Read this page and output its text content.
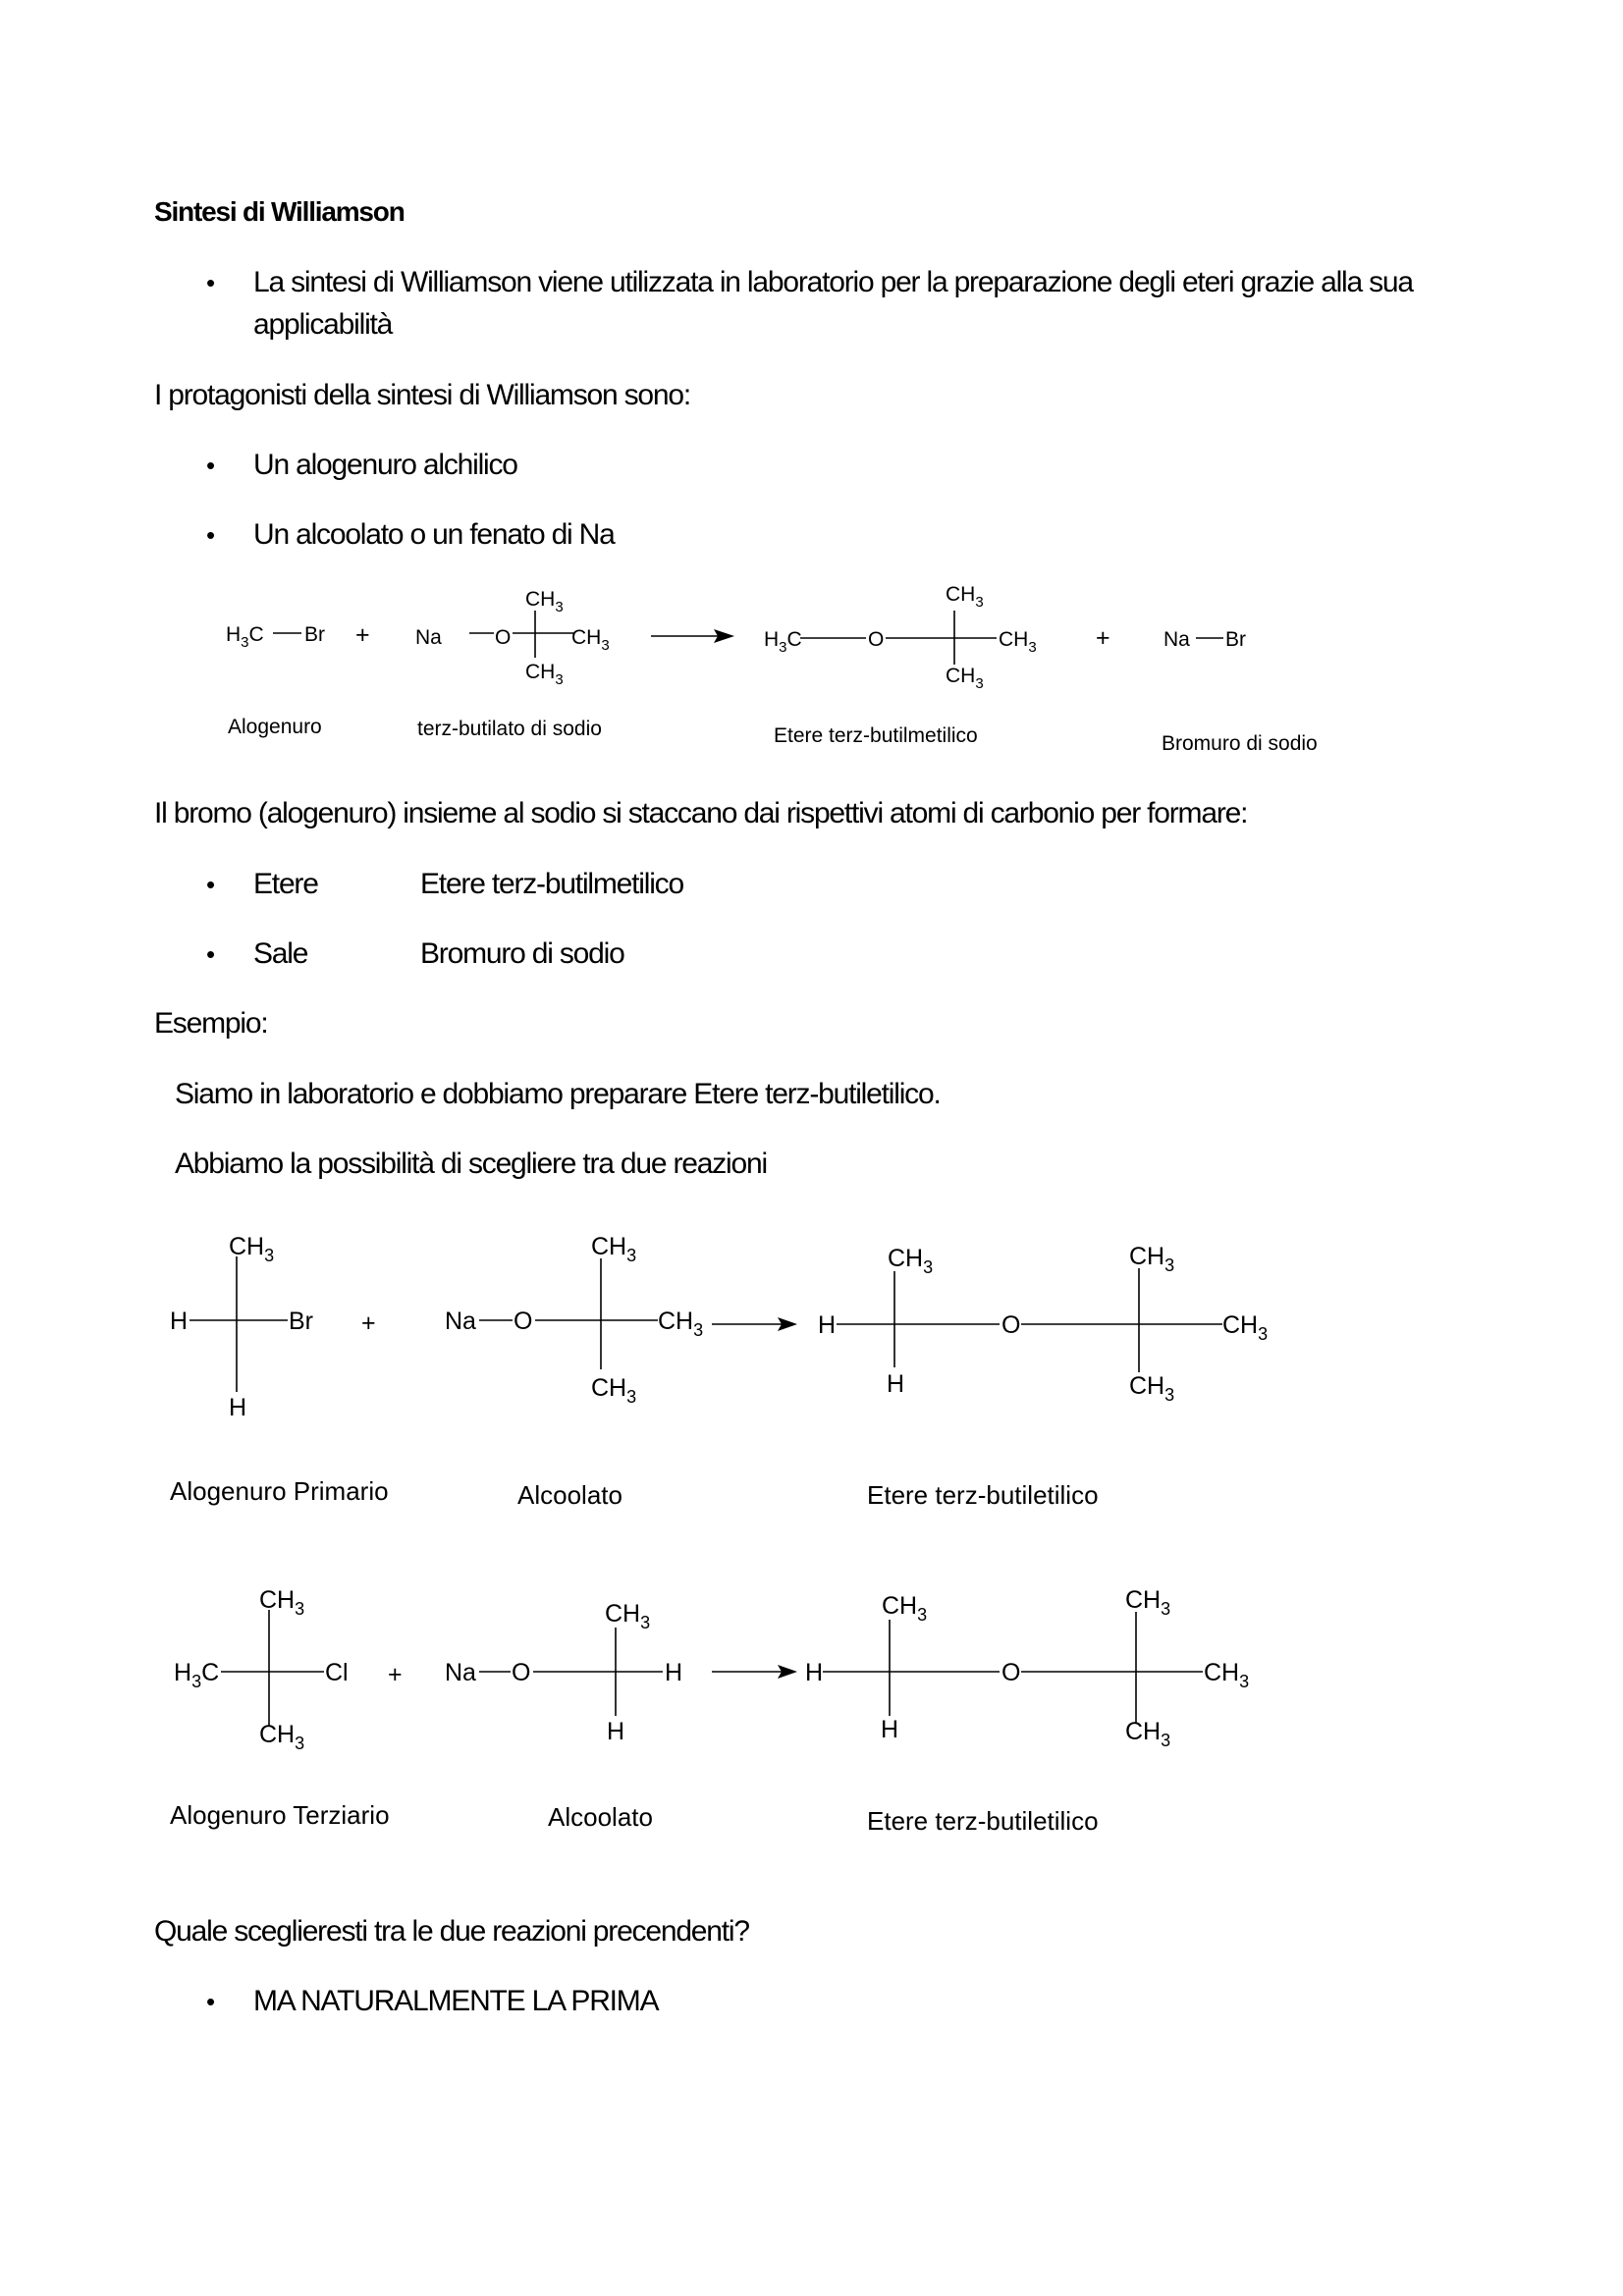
Sintesi di Williamson

• La sintesi di Williamson viene utilizzata in laboratorio per la preparazione degli eteri grazie alla sua

applicabilità

I protagonisti della sintesi di Williamson sono:

• Un alogenuro alchilico

• Un alcoolato o un fenato di Na

Il bromo (alogenuro) insieme al sodio si staccano dai rispettivi atomi di carbonio per formare:

• Etere	Etere terz-butilmetilico

• Sale	Bromuro di sodio

Esempio:

Siamo in laboratorio e dobbiamo preparare Etere terz-butiletilico.

Abbiamo la possibilità di scegliere tra due reazioni

Quale sceglieresti tra le due reazioni precendenti?

• MA NATURALMENTE LA PRIMA

$H_3C$ Br + Na	O
$CH_3$
$CH_3$
$CH_3$
$H_3C$	O
$CH_3$
$CH_3$
$CH_3$
+	Na Br
Alogenuro	terz-butilato di sodio	Etere terz-butilmetilico	Bromuro di sodio
$CH_3$
H	Br
H
+	Na O
$CH_3$
$CH_3$
$CH_3$
H
$CH_3$
H
O
$CH_3$
$CH_3$
$CH_3$
Alogenuro Primario	Alcoolato	Etere terz-butiletilico
$CH_3$
$H_3C$	Cl
$CH_3$
+ Na O
$CH_3$
H
H
H
$CH_3$
H
O
$CH_3$
$CH_3$
$CH_3$
Alogenuro Terziario	Alcoolato	Etere terz-butiletilico
